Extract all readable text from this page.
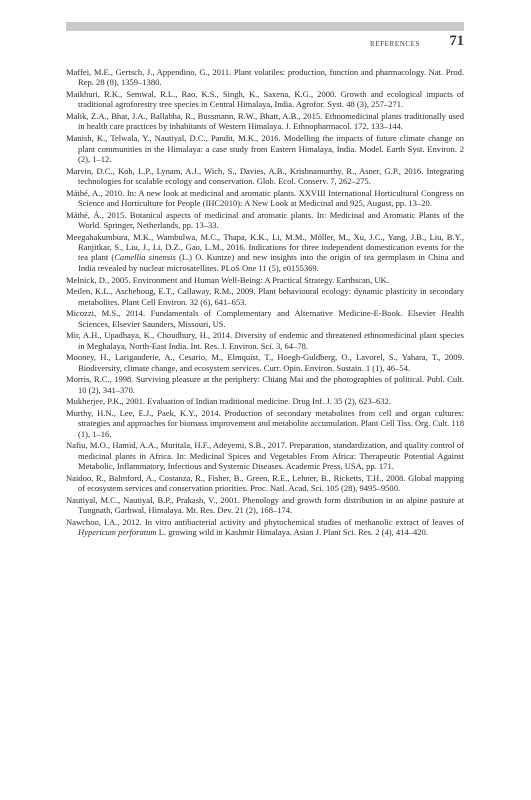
REFERENCES 71
Maffei, M.E., Gertsch, J., Appendino, G., 2011. Plant volatiles: production, function and pharmacology. Nat. Prod. Rep. 28 (8), 1359–1380.
Maikhuri, R.K., Semwal, R.L., Rao, K.S., Singh, K., Saxena, K.G., 2000. Growth and ecological impacts of traditional agroforestry tree species in Central Himalaya, India. Agrofor. Syst. 48 (3), 257–271.
Malik, Z.A., Bhat, J.A., Ballabha, R., Bussmann, R.W., Bhatt, A.B., 2015. Ethnomedicinal plants traditionally used in health care practices by inhabitants of Western Himalaya. J. Ethnopharmacol. 172, 133–144.
Manish, K., Telwala, Y., Nautiyal, D.C., Pandit, M.K., 2016. Modelling the impacts of future climate change on plant communities in the Himalaya: a case study from Eastern Himalaya, India. Model. Earth Syst. Environ. 2 (2), 1–12.
Marvin, D.C., Koh, L.P., Lynam, A.J., Wich, S., Davies, A.B., Krishnamurthy, R., Asner, G.P., 2016. Integrating technologies for scalable ecology and conservation. Glob. Ecol. Conserv. 7, 262–275.
Máthé, A., 2010. In: A new look at medicinal and aromatic plants. XXVIII International Horticultural Congress on Science and Horticulture for People (IHC2010): A New Look at Medicinal and 925, August, pp. 13–20.
Máthé, Á., 2015. Botanical aspects of medicinal and aromatic plants. In: Medicinal and Aromatic Plants of the World. Springer, Netherlands, pp. 13–33.
Meegahakumbura, M.K., Wambulwa, M.C., Thapa, K.K., Li, M.M., Möller, M., Xu, J.C., Yang, J.B., Liu, B.Y., Ranjitkar, S., Liu, J., Li, D.Z., Gao, L.M., 2016. Indications for three independent domestication events for the tea plant (Camellia sinensis (L.) O. Kuntze) and new insights into the origin of tea germplasm in China and India revealed by nuclear microsatellites. PLoS One 11 (5), e0155369.
Melnick, D., 2005. Environment and Human Well-Being: A Practical Strategy. Earthscan, UK.
Meilen, K.L., Aschehoug, E.T., Callaway, R.M., 2009. Plant behavioural ecology: dynamic plasticity in secondary metabolites. Plant Cell Environ. 32 (6), 641–653.
Micozzi, M.S., 2014. Fundamentals of Complementary and Alternative Medicine-E-Book. Elsevier Health Sciences, Elsevier Saunders, Missouri, US.
Mir, A.H., Upadhaya, K., Choudhury, H., 2014. Diversity of endemic and threatened ethnomedicinal plant species in Meghalaya, North-East India. Int. Res. J. Environ. Sci. 3, 64–78.
Mooney, H., Larigauderie, A., Cesario, M., Elmquist, T., Hoegh-Guldberg, O., Lavorel, S., Yahara, T., 2009. Biodiversity, climate change, and ecosystem services. Curr. Opin. Environ. Sustain. 1 (1), 46–54.
Morris, R.C., 1998. Surviving pleasure at the periphery: Chiang Mai and the photographies of political. Publ. Cult. 10 (2), 341–370.
Mukherjee, P.K., 2001. Evaluation of Indian traditional medicine. Drug Inf. J. 35 (2), 623–632.
Murthy, H.N., Lee, E.J., Paek, K.Y., 2014. Production of secondary metabolites from cell and organ cultures: strategies and approaches for biomass improvement and metabolite accumulation. Plant Cell Tiss. Org. Cult. 118 (1), 1–16.
Nafiu, M.O., Hamid, A.A., Muritala, H.F., Adeyemi, S.B., 2017. Preparation, standardization, and quality control of medicinal plants in Africa. In: Medicinal Spices and Vegetables From Africa: Therapeutic Potential Against Metabolic, Inflammatory, Infectious and Systemic Diseases. Academic Press, USA, pp. 171.
Naidoo, R., Balmford, A., Costanza, R., Fisher, B., Green, R.E., Lehner, B., Ricketts, T.H., 2008. Global mapping of ecosystem services and conservation priorities. Proc. Natl. Acad. Sci. 105 (28), 9495–9500.
Nautiyal, M.C., Nautiyal, B.P., Prakash, V., 2001. Phenology and growth form distribution in an alpine pasture at Tungnath, Garhwal, Himalaya. Mt. Res. Dev. 21 (2), 168–174.
Nawchoo, I.A., 2012. In vitro antibacterial activity and phytochemical studies of methanolic extract of leaves of Hypericum perforatum L. growing wild in Kashmir Himalaya. Asian J. Plant Sci. Res. 2 (4), 414–420.
